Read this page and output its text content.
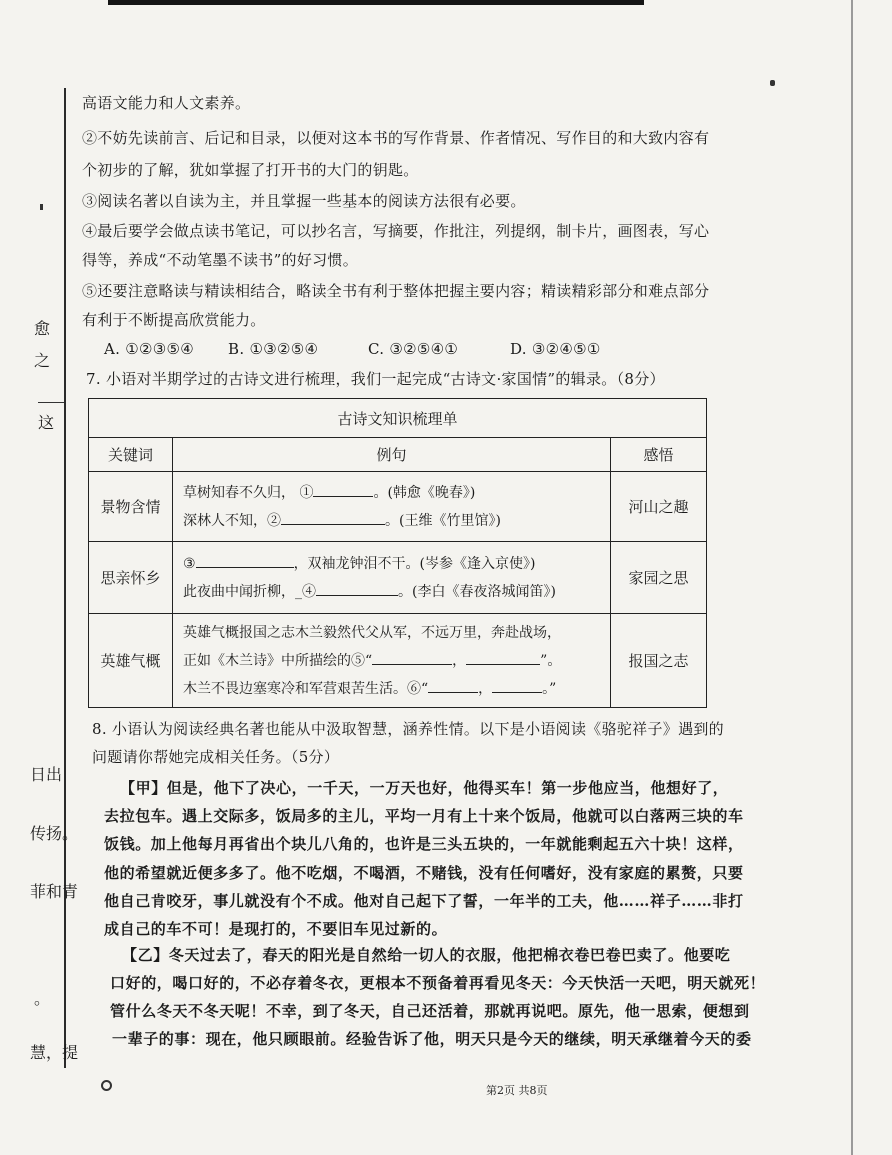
愈
之
这
日出
传扬。
菲和青
。
慧，提
高语文能力和人文素养。
②不妨先读前言、后记和目录，以便对这本书的写作背景、作者情况、写作目的和大致内容有
个初步的了解，犹如掌握了打开书的大门的钥匙。
③阅读名著以自读为主，并且掌握一些基本的阅读方法很有必要。
④最后要学会做点读书笔记，可以抄名言，写摘要，作批注，列提纲，制卡片，画图表，写心
得等，养成“不动笔墨不读书”的好习惯。
⑤还要注意略读与精读相结合，略读全书有利于整体把握主要内容；精读精彩部分和难点部分
有利于不断提高欣赏能力。
A. ①②③⑤④ B. ①③②⑤④	C. ③②⑤④①	D. ③②④⑤①
7. 小语对半期学过的古诗文进行梳理，我们一起完成“古诗文·家国情”的辑录。（8分）
古诗文知识梳理单		
关键词	例句	感悟
景物含情	草树知春不久归， ① 。(韩愈《晚春》)
深林人不知，② 。(王维《竹里馆》)	河山之趣
思亲怀乡	③ ，双袖龙钟泪不干。(岑参《逢入京使》)
此夜曲中闻折柳，_④ 。(李白《春夜洛城闻笛》)	家园之思
英雄气概	英雄气概报国之志木兰毅然代父从军，不远万里，奔赴战场，
正如《木兰诗》中所描绘的⑤“ ， ”。
木兰不畏边塞寒冷和军营艰苦生活。⑥“ ， 。”	报国之志
8. 小语认为阅读经典名著也能从中汲取智慧，涵养性情。以下是小语阅读《骆驼祥子》遇到的
问题请你帮她完成相关任务。（5分）
【甲】但是，他下了决心，一千天，一万天也好，他得买车！第一步他应当，他想好了，
去拉包车。遇上交际多，饭局多的主儿，平均一月有上十来个饭局，他就可以白落两三块的车
饭钱。加上他每月再省出个块儿八角的，也许是三头五块的，一年就能剩起五六十块！这样，
他的希望就近便多多了。他不吃烟，不喝酒，不赌钱，没有任何嗜好，没有家庭的累赘，只要
他自己肯咬牙，事儿就没有个不成。他对自己起下了誓，一年半的工夫，他……祥子……非打
成自己的车不可！是现打的，不要旧车见过新的。
【乙】冬天过去了，春天的阳光是自然给一切人的衣服，他把棉衣卷巴卷巴卖了。他要吃
口好的，喝口好的，不必存着冬衣，更根本不预备着再看见冬天：今天快活一天吧，明天就死！
管什么冬天不冬天呢！不幸，到了冬天，自己还活着，那就再说吧。原先，他一思索，便想到
一辈子的事：现在，他只顾眼前。经验告诉了他，明天只是今天的继续，明天承继着今天的委
第2页 共8页
